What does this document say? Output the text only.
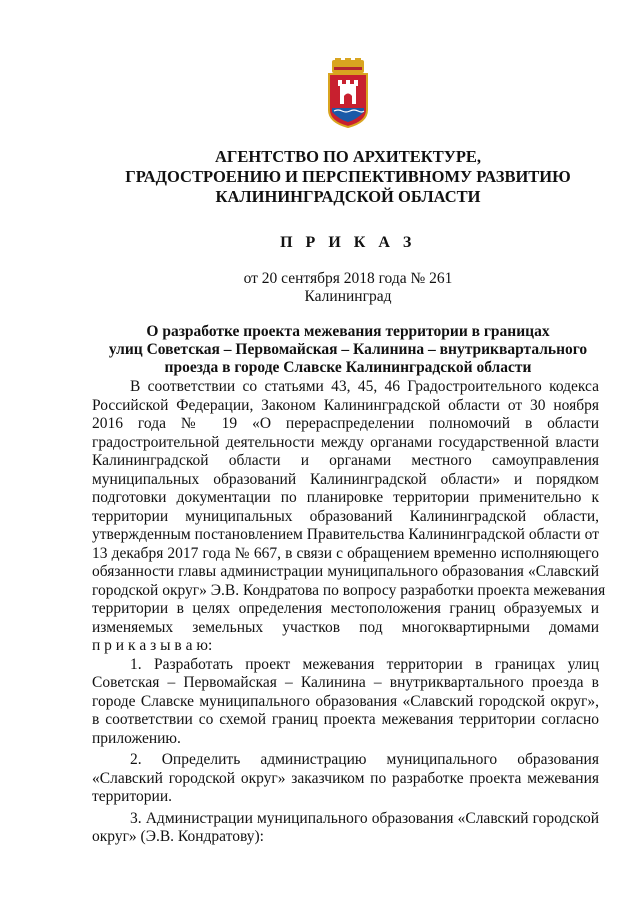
АГЕНТСТВО ПО АРХИТЕКТУРЕ,
ГРАДОСТРОЕНИЮ И ПЕРСПЕКТИВНОМУ РАЗВИТИЮ
КАЛИНИНГРАДСКОЙ ОБЛАСТИ
П Р И К А З
от 20 сентября 2018 года № 261
Калининград
О разработке проекта межевания территории в границах
улиц Советская – Первомайская – Калинина – внутриквартального
проезда в городе Славске Калининградской области
В соответствии со статьями 43, 45, 46 Градостроительного кодекса
Российской Федерации, Законом Калининградской области от 30 ноября
2016 года № 19 «О перераспределении полномочий в области
градостроительной деятельности между органами государственной власти
Калининградской области и органами местного самоуправления
муниципальных образований Калининградской области» и порядком
подготовки документации по планировке территории применительно к
территории муниципальных образований Калининградской области,
утвержденным постановлением Правительства Калининградской области от
13 декабря 2017 года № 667, в связи с обращением временно исполняющего
обязанности главы администрации муниципального образования «Славский
городской округ» Э.В. Кондратова по вопросу разработки проекта межевания
территории в целях определения местоположения границ образуемых и
изменяемых земельных участков под многоквартирными домами
п р и к а з ы в а ю:
1. Разработать проект межевания территории в границах улиц
Советская – Первомайская – Калинина – внутриквартального проезда в
городе Славске муниципального образования «Славский городской округ»,
в соответствии со схемой границ проекта межевания территории согласно
приложению.
2. Определить администрацию муниципального образования
«Славский городской округ» заказчиком по разработке проекта межевания
территории.
3. Администрации муниципального образования «Славский городской
округ» (Э.В. Кондратову):
